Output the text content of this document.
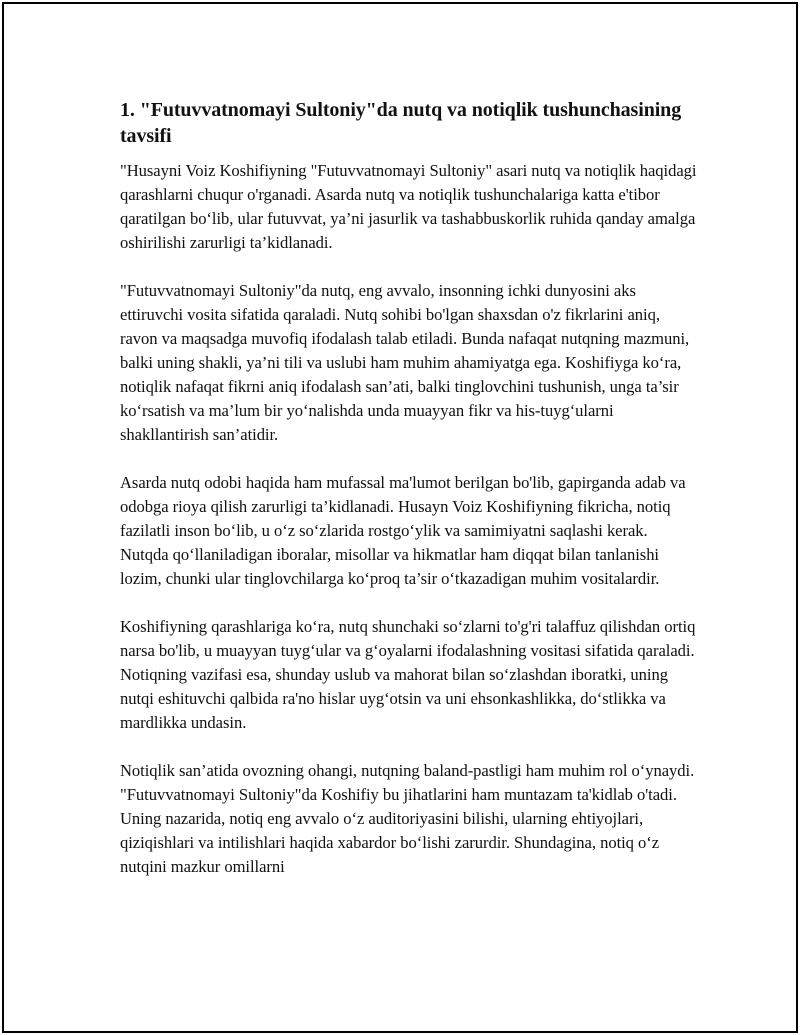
1. "Futuvvatnomayi Sultoniy"da nutq va notiqlik tushunchasining tavsifi

"Husayni Voiz Koshifiyning "Futuvvatnomayi Sultoniy" asari nutq va notiqlik haqidagi qarashlarni chuqur o'rganadi. Asarda nutq va notiqlik tushunchalariga katta e'tibor qaratilgan bo‘lib, ular futuvvat, ya’ni jasurlik va tashabbuskorlik ruhida qanday amalga oshirilishi zarurligi ta’kidlanadi.

"Futuvvatnomayi Sultoniy"da nutq, eng avvalo, insonning ichki dunyosini aks ettiruvchi vosita sifatida qaraladi. Nutq sohibi bo'lgan shaxsdan o'z fikrlarini aniq, ravon va maqsadga muvofiq ifodalash talab etiladi. Bunda nafaqat nutqning mazmuni, balki uning shakli, ya’ni tili va uslubi ham muhim ahamiyatga ega. Koshifiyga ko‘ra, notiqlik nafaqat fikrni aniq ifodalash san’ati, balki tinglovchini tushunish, unga ta’sir ko‘rsatish va ma’lum bir yo‘nalishda unda muayyan fikr va his-tuyg‘ularni shakllantirish san’atidir.

Asarda nutq odobi haqida ham mufassal ma'lumot berilgan bo'lib, gapirganda adab va odobga rioya qilish zarurligi ta’kidlanadi. Husayn Voiz Koshifiyning fikricha, notiq fazilatli inson bo‘lib, u o‘z so‘zlarida rostgo‘ylik va samimiyatni saqlashi kerak. Nutqda qo‘llaniladigan iboralar, misollar va hikmatlar ham diqqat bilan tanlanishi lozim, chunki ular tinglovchilarga ko‘proq ta’sir o‘tkazadigan muhim vositalardir.

Koshifiyning qarashlariga ko‘ra, nutq shunchaki so‘zlarni to'g'ri talaffuz qilishdan ortiq narsa bo'lib, u muayyan tuyg‘ular va g‘oyalarni ifodalashning vositasi sifatida qaraladi. Notiqning vazifasi esa, shunday uslub va mahorat bilan so‘zlashdan iboratki, uning nutqi eshituvchi qalbida ra'no hislar uyg‘otsin va uni ehsonkashlikka, do‘stlikka va mardlikka undasin.

Notiqlik san’atida ovozning ohangi, nutqning baland-pastligi ham muhim rol o‘ynaydi. "Futuvvatnomayi Sultoniy"da Koshifiy bu jihatlarini ham muntazam ta'kidlab o'tadi. Uning nazarida, notiq eng avvalo o‘z auditoriyasini bilishi, ularning ehtiyojlari, qiziqishlari va intilishlari haqida xabardor bo‘lishi zarurdir. Shundagina, notiq o‘z nutqini mazkur omillarni
